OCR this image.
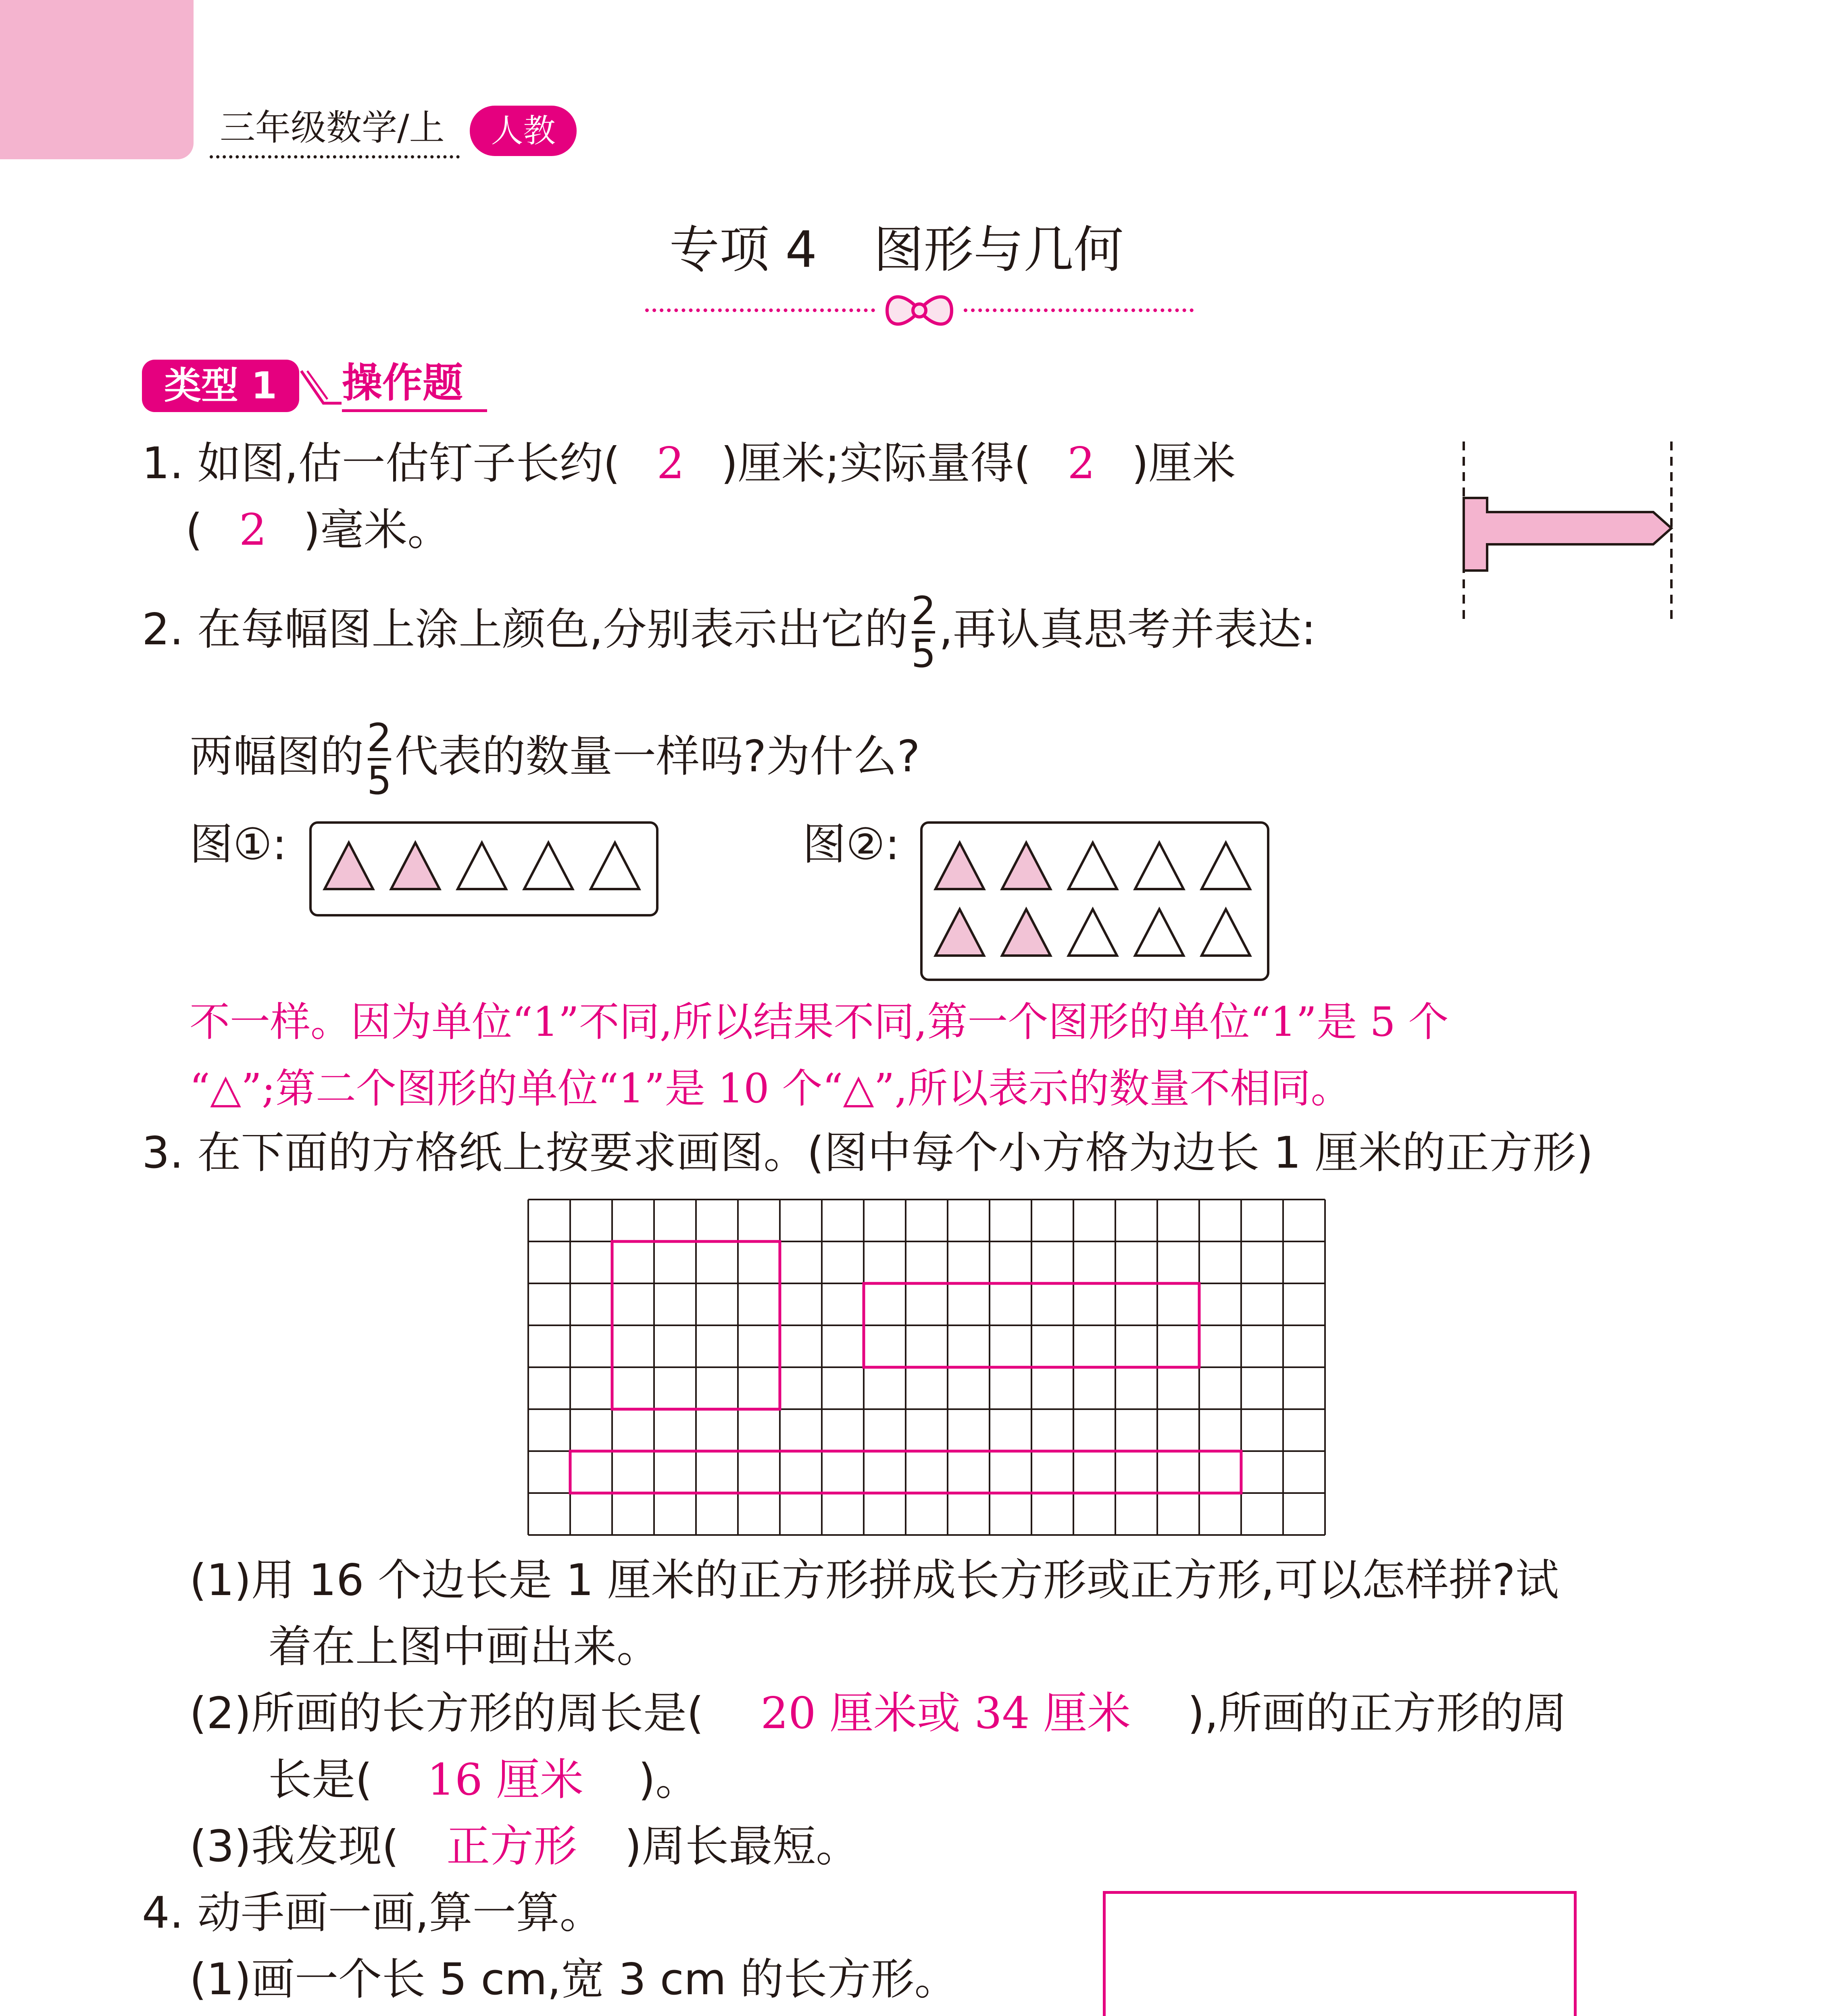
三年级数学/上	人教
专项 4 图形与几何
类型 1	操作题
1. 如图,估一估钉子长约( 2 )厘米;实际量得( 2 )厘米
( 2 )毫米。
2. 在每幅图上涂上颜色,分别表示出它的 2
5 ,再认真思考并表达:
两幅图的 2
5 代表的数量一样吗?为什么?
图①:	图②:
不一样。因为单位“1”不同,所以结果不同,第一个图形的单位“1”是 5 个
“△”;第二个图形的单位“1”是 10 个“△”,所以表示的数量不相同。
3. 在下面的方格纸上按要求画图。(图中每个小方格为边长 1 厘米的正方形)
(1)用 16 个边长是 1 厘米的正方形拼成长方形或正方形,可以怎样拼?试
着在上图中画出来。
(2)所画的长方形的周长是( 20 厘米或 34 厘米 ),所画的正方形的周
长是( 16 厘米 )。
(3)我发现( 正方形 )周长最短。
4. 动手画一画,算一算。
(1)画一个长 5 cm,宽 3 cm 的长方形。
